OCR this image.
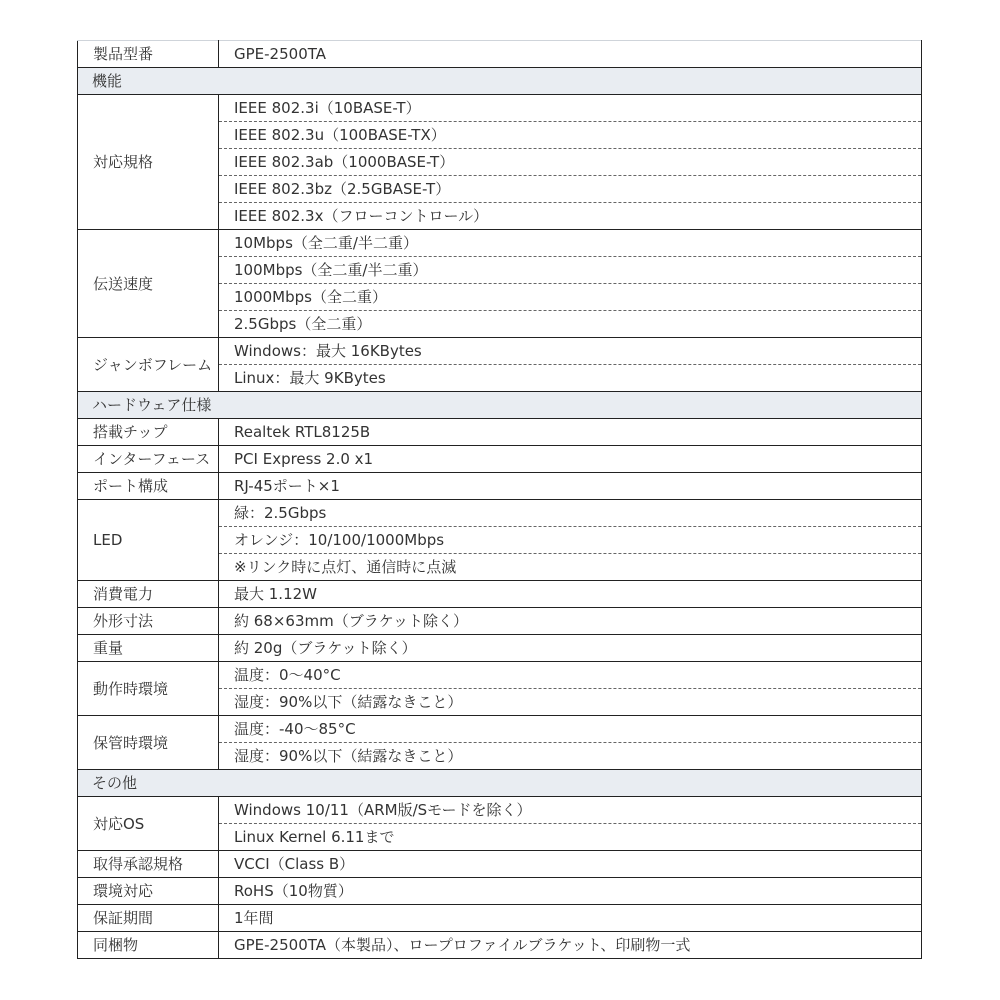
製品型番	GPE-2500TA
機能	
対応規格	IEEE 802.3i（10BASE-T）
	IEEE 802.3u（100BASE-TX）
	IEEE 802.3ab（1000BASE-T）
	IEEE 802.3bz（2.5GBASE-T）
	IEEE 802.3x（フローコントロール）
伝送速度	10Mbps（全二重/半二重）
	100Mbps（全二重/半二重）
	1000Mbps（全二重）
	2.5Gbps（全二重）
ジャンボフレーム	Windows：最大 16KBytes
	Linux：最大 9KBytes
ハードウェア仕様	
搭載チップ	Realtek RTL8125B
インターフェース	PCI Express 2.0 x1
ポート構成	RJ-45ポート×1
LED	緑：2.5Gbps
	オレンジ：10/100/1000Mbps
	※リンク時に点灯、通信時に点滅
消費電力	最大 1.12W
外形寸法	約 68×63mm（ブラケット除く）
重量	約 20g（ブラケット除く）
動作時環境	温度：0～40°C
	湿度：90%以下（結露なきこと）
保管時環境	温度：-40～85°C
	湿度：90%以下（結露なきこと）
その他	
対応OS	Windows 10/11（ARM版/Sモードを除く）
	Linux Kernel 6.11まで
取得承認規格	VCCI（Class B）
環境対応	RoHS（10物質）
保証期間	1年間
同梱物	GPE-2500TA（本製品）、ロープロファイルブラケット、印刷物一式
